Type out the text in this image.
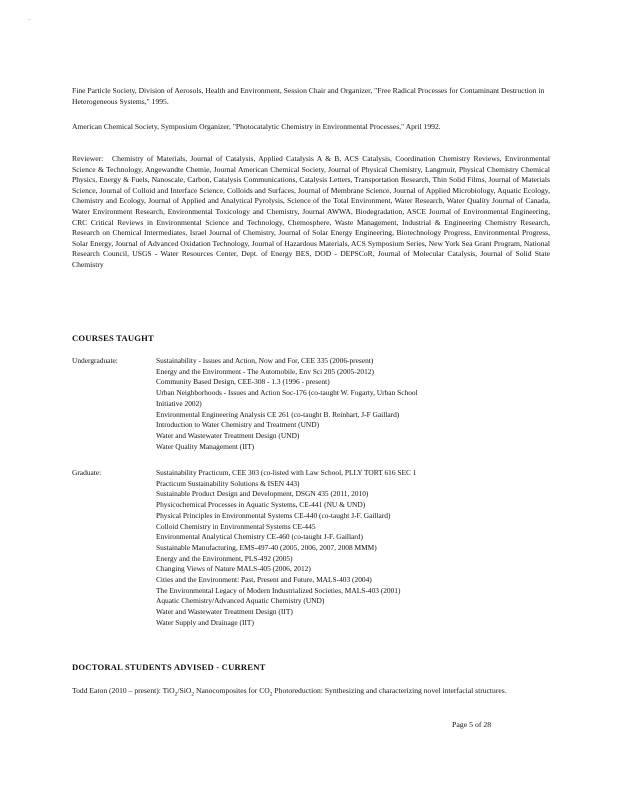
..
Fine Particle Society, Division of Aerosols, Health and Environment, Session Chair and Organizer, "Free Radical Processes for Contaminant Destruction in Heterogeneous Systems," 1995.
American Chemical Society, Symposium Organizer, "Photocatalytic Chemistry in Environmental Processes," April 1992.
Reviewer:	Chemistry of Materials, Journal of Catalysis, Applied Catalysis A & B, ACS Catalysis, Coordination Chemistry Reviews, Environmental Science & Technology, Angewandte Chemie, Journal American Chemical Society, Journal of Physical Chemistry, Langmuir, Physical Chemistry Chemical Physics, Energy & Fuels, Nanoscale, Carbon, Catalysis Communications, Catalysis Letters, Transportation Research, Thin Solid Films, Journal of Materials Science, Journal of Colloid and Interface Science, Colloids and Surfaces, Journal of Membrane Science, Journal of Applied Microbiology, Aquatic Ecology, Chemistry and Ecology, Journal of Applied and Analytical Pyrolysis, Science of the Total Environment, Water Research, Water Quality Journal of Canada, Water Environment Research, Environmental Toxicology and Chemistry, Journal AWWA, Biodegradation, ASCE Journal of Environmental Engineering, CRC Critical Reviews in Environmental Science and Technology, Chemosphere, Waste Management, Industrial & Engineering Chemistry Research, Research on Chemical Intermediates, Israel Journal of Chemistry, Journal of Solar Energy Engineering, Biotechnology Progress, Environmental Progress, Solar Energy, Journal of Advanced Oxidation Technology, Journal of Hazardous Materials, ACS Symposium Series, New York Sea Grant Program, National Research Council, USGS - Water Resources Center, Dept. of Energy BES, DOD - DEPSCoR, Journal of Molecular Catalysis, Journal of Solid State Chemistry
COURSES TAUGHT
Undergraduate:	Sustainability - Issues and Action, Now and For, CEE 335 (2006-present)
Energy and the Environment - The Automobile, Env Sci 205 (2005-2012)
Community Based Design, CEE-308 - 1.3 (1996 - present)
Urban Neighborhoods - Issues and Action Soc-176 (co-taught W. Fogarty, Urban School
Initiative 2002)
Environmental Engineering Analysis CE 261 (co-taught B. Reinhart, J-F Gaillard)
Introduction to Water Chemistry and Treatment (UND)
Water and Wastewater Treatment Design (UND)
Water Quality Management (IIT)
Graduate:	Sustainability Practicum, CEE 303 (co-listed with Law School, PLLY TORT 616 SEC 1
Practicum Sustainability Solutions & ISEN 443)
Sustainable Product Design and Development, DSGN 435 (2011, 2010)
Physicochemical Processes in Aquatic Systems, CE-441 (NU & UND)
Physical Principles in Environmental Systems CE-440 (co-taught J-F. Gaillard)
Colloid Chemistry in Environmental Systems CE-445
Environmental Analytical Chemistry CE-460 (co-taught J-F. Gaillard)
Sustainable Manufacturing, EMS-497-40 (2005, 2006, 2007, 2008 MMM)
Energy and the Environment, PLS-492 (2005)
Changing Views of Nature MALS-405 (2006, 2012)
Cities and the Environment: Past, Present and Future, MALS-403 (2004)
The Environmental Legacy of Modern Industrialized Societies, MALS-403 (2001)
Aquatic Chemistry/Advanced Aquatic Chemistry (UND)
Water and Wastewater Treatment Design (IIT)
Water Supply and Drainage (IIT)
DOCTORAL STUDENTS ADVISED - CURRENT
Todd Eaton (2010 – present): TiO$_2$/SiO$_2$ Nanocomposites for $CO_2$ Photoreduction: Synthesizing and characterizing novel interfacial structures.
Page 5 of 28
